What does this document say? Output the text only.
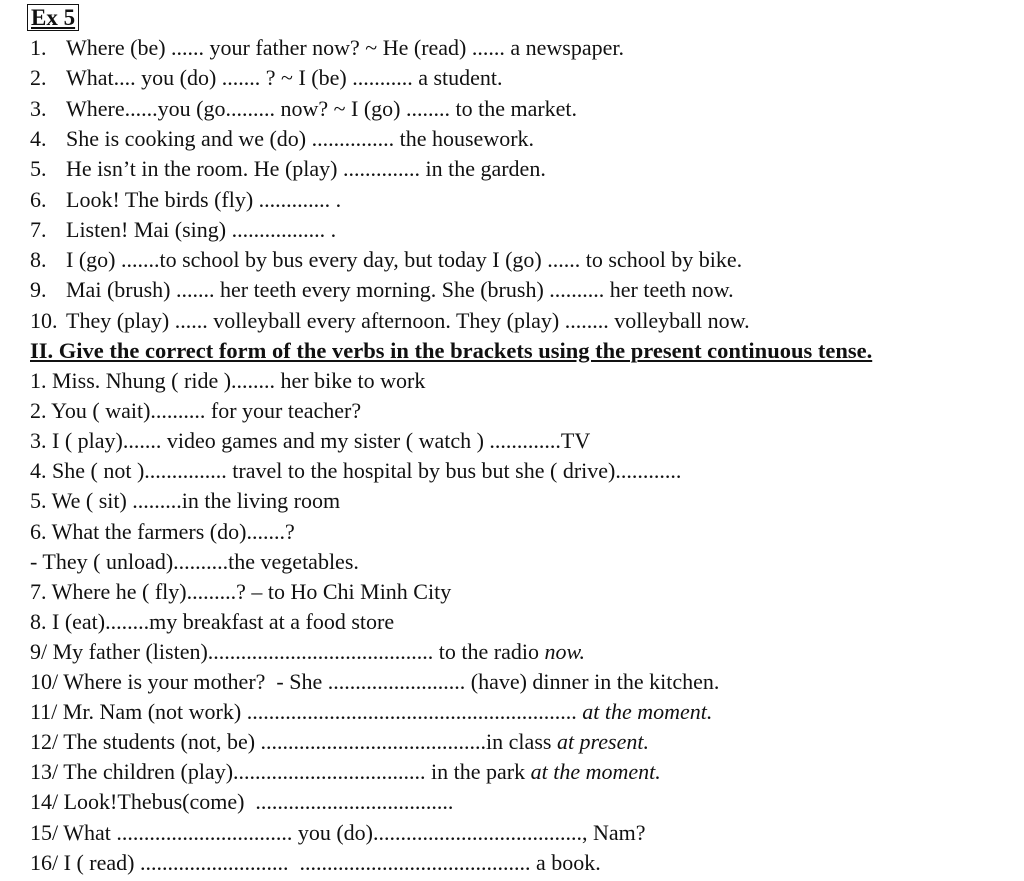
Ex 5
1. Where (be) ...... your father now? ~ He (read) ...... a newspaper.
2. What.... you (do) ....... ? ~ I (be) ........... a student.
3. Where......you (go......... now? ~ I (go) ........ to the market.
4. She is cooking and we (do) ............... the housework.
5. He isn’t in the room. He (play) .............. in the garden.
6. Look! The birds (fly) ............. .
7. Listen! Mai (sing) ................. .
8. I (go) .......to school by bus every day, but today I (go) ...... to school by bike.
9. Mai (brush) ....... her teeth every morning. She (brush) .......... her teeth now.
10. They (play) ...... volleyball every afternoon. They (play) ........ volleyball now.
II. Give the correct form of the verbs in the brackets using the present continuous tense.
1. Miss. Nhung ( ride )........ her bike to work
2. You ( wait).......... for your teacher?
3. I ( play)....... video games and my sister ( watch ) .............TV
4. She ( not )............... travel to the hospital by bus but she ( drive)............
5. We ( sit) .........in the living room
6. What the farmers (do).......?
- They ( unload)..........the vegetables.
7. Where he ( fly).........? – to Ho Chi Minh City
8. I (eat)........my breakfast at a food store
9/ My father (listen)......................................... to the radio now.
10/ Where is your mother?  - She ......................... (have) dinner in the kitchen.
11/ Mr. Nam (not work) ............................................................ at the moment.
12/ The students (not, be) .........................................in class at present.
13/ The children (play)................................... in the park at the moment.
14/ Look!Thebus(come)  ....................................
15/ What ................................ you (do)......................................, Nam?
16/ I ( read) ...........................  .......................................... a book.
